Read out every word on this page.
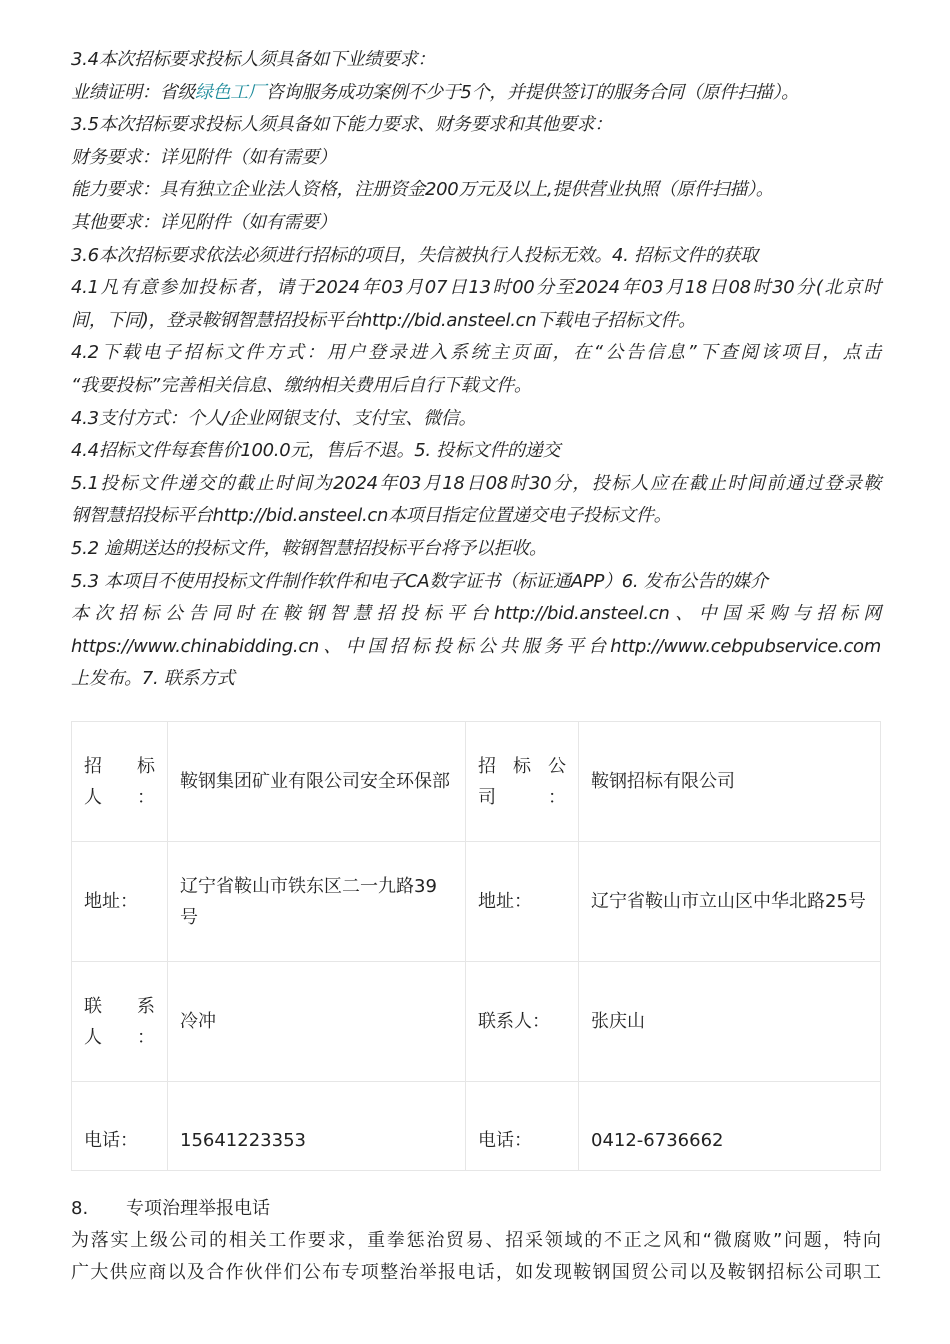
3.4本次招标要求投标人须具备如下业绩要求：

业绩证明：省级绿色工厂咨询服务成功案例不少于5个，并提供签订的服务合同（原件扫描）。

3.5本次招标要求投标人须具备如下能力要求、财务要求和其他要求：

财务要求：详见附件（如有需要）

能力要求：具有独立企业法人资格，注册资金200万元及以上,提供营业执照（原件扫描）。

其他要求：详见附件（如有需要）

3.6本次招标要求依法必须进行招标的项目，失信被执行人投标无效。4. 招标文件的获取

4.1凡有意参加投标者，请于2024年03月07日13时00分至2024年03月18日08时30分(北京时

间，下同)，登录鞍钢智慧招投标平台http://bid.ansteel.cn下载电子招标文件。

4.2下载电子招标文件方式：用户登录进入系统主页面，在“公告信息”下查阅该项目，点击

“我要投标”完善相关信息、缴纳相关费用后自行下载文件。

4.3支付方式：个人/企业网银支付、支付宝、微信。

4.4招标文件每套售价100.0元，售后不退。5. 投标文件的递交

5.1投标文件递交的截止时间为2024年03月18日08时30分，投标人应在截止时间前通过登录鞍

钢智慧招投标平台http://bid.ansteel.cn本项目指定位置递交电子投标文件。

5.2 逾期送达的投标文件，鞍钢智慧招投标平台将予以拒收。

5.3 本项目不使用投标文件制作软件和电子CA数字证书（标证通APP）6. 发布公告的媒介

本次招标公告同时在鞍钢智慧招投标平台http://bid.ansteel.cn、中国采购与招标网

https://www.chinabidding.cn、中国招标投标公共服务平台http://www.cebpubservice.com

上发布。7. 联系方式

招标人：	鞍钢集团矿业有限公司安全环保部	招标公司：	鞍钢招标有限公司
地址：	辽宁省鞍山市铁东区二一九路39号	地址：	辽宁省鞍山市立山区中华北路25号
联系人：	冷冲	联系人：	张庆山
电话：	15641223353	电话：	0412-6736662

8. 专项治理举报电话

为落实上级公司的相关工作要求，重拳惩治贸易、招采领域的不正之风和“微腐败”问题，特向

广大供应商以及合作伙伴们公布专项整治举报电话，如发现鞍钢国贸公司以及鞍钢招标公司职工
